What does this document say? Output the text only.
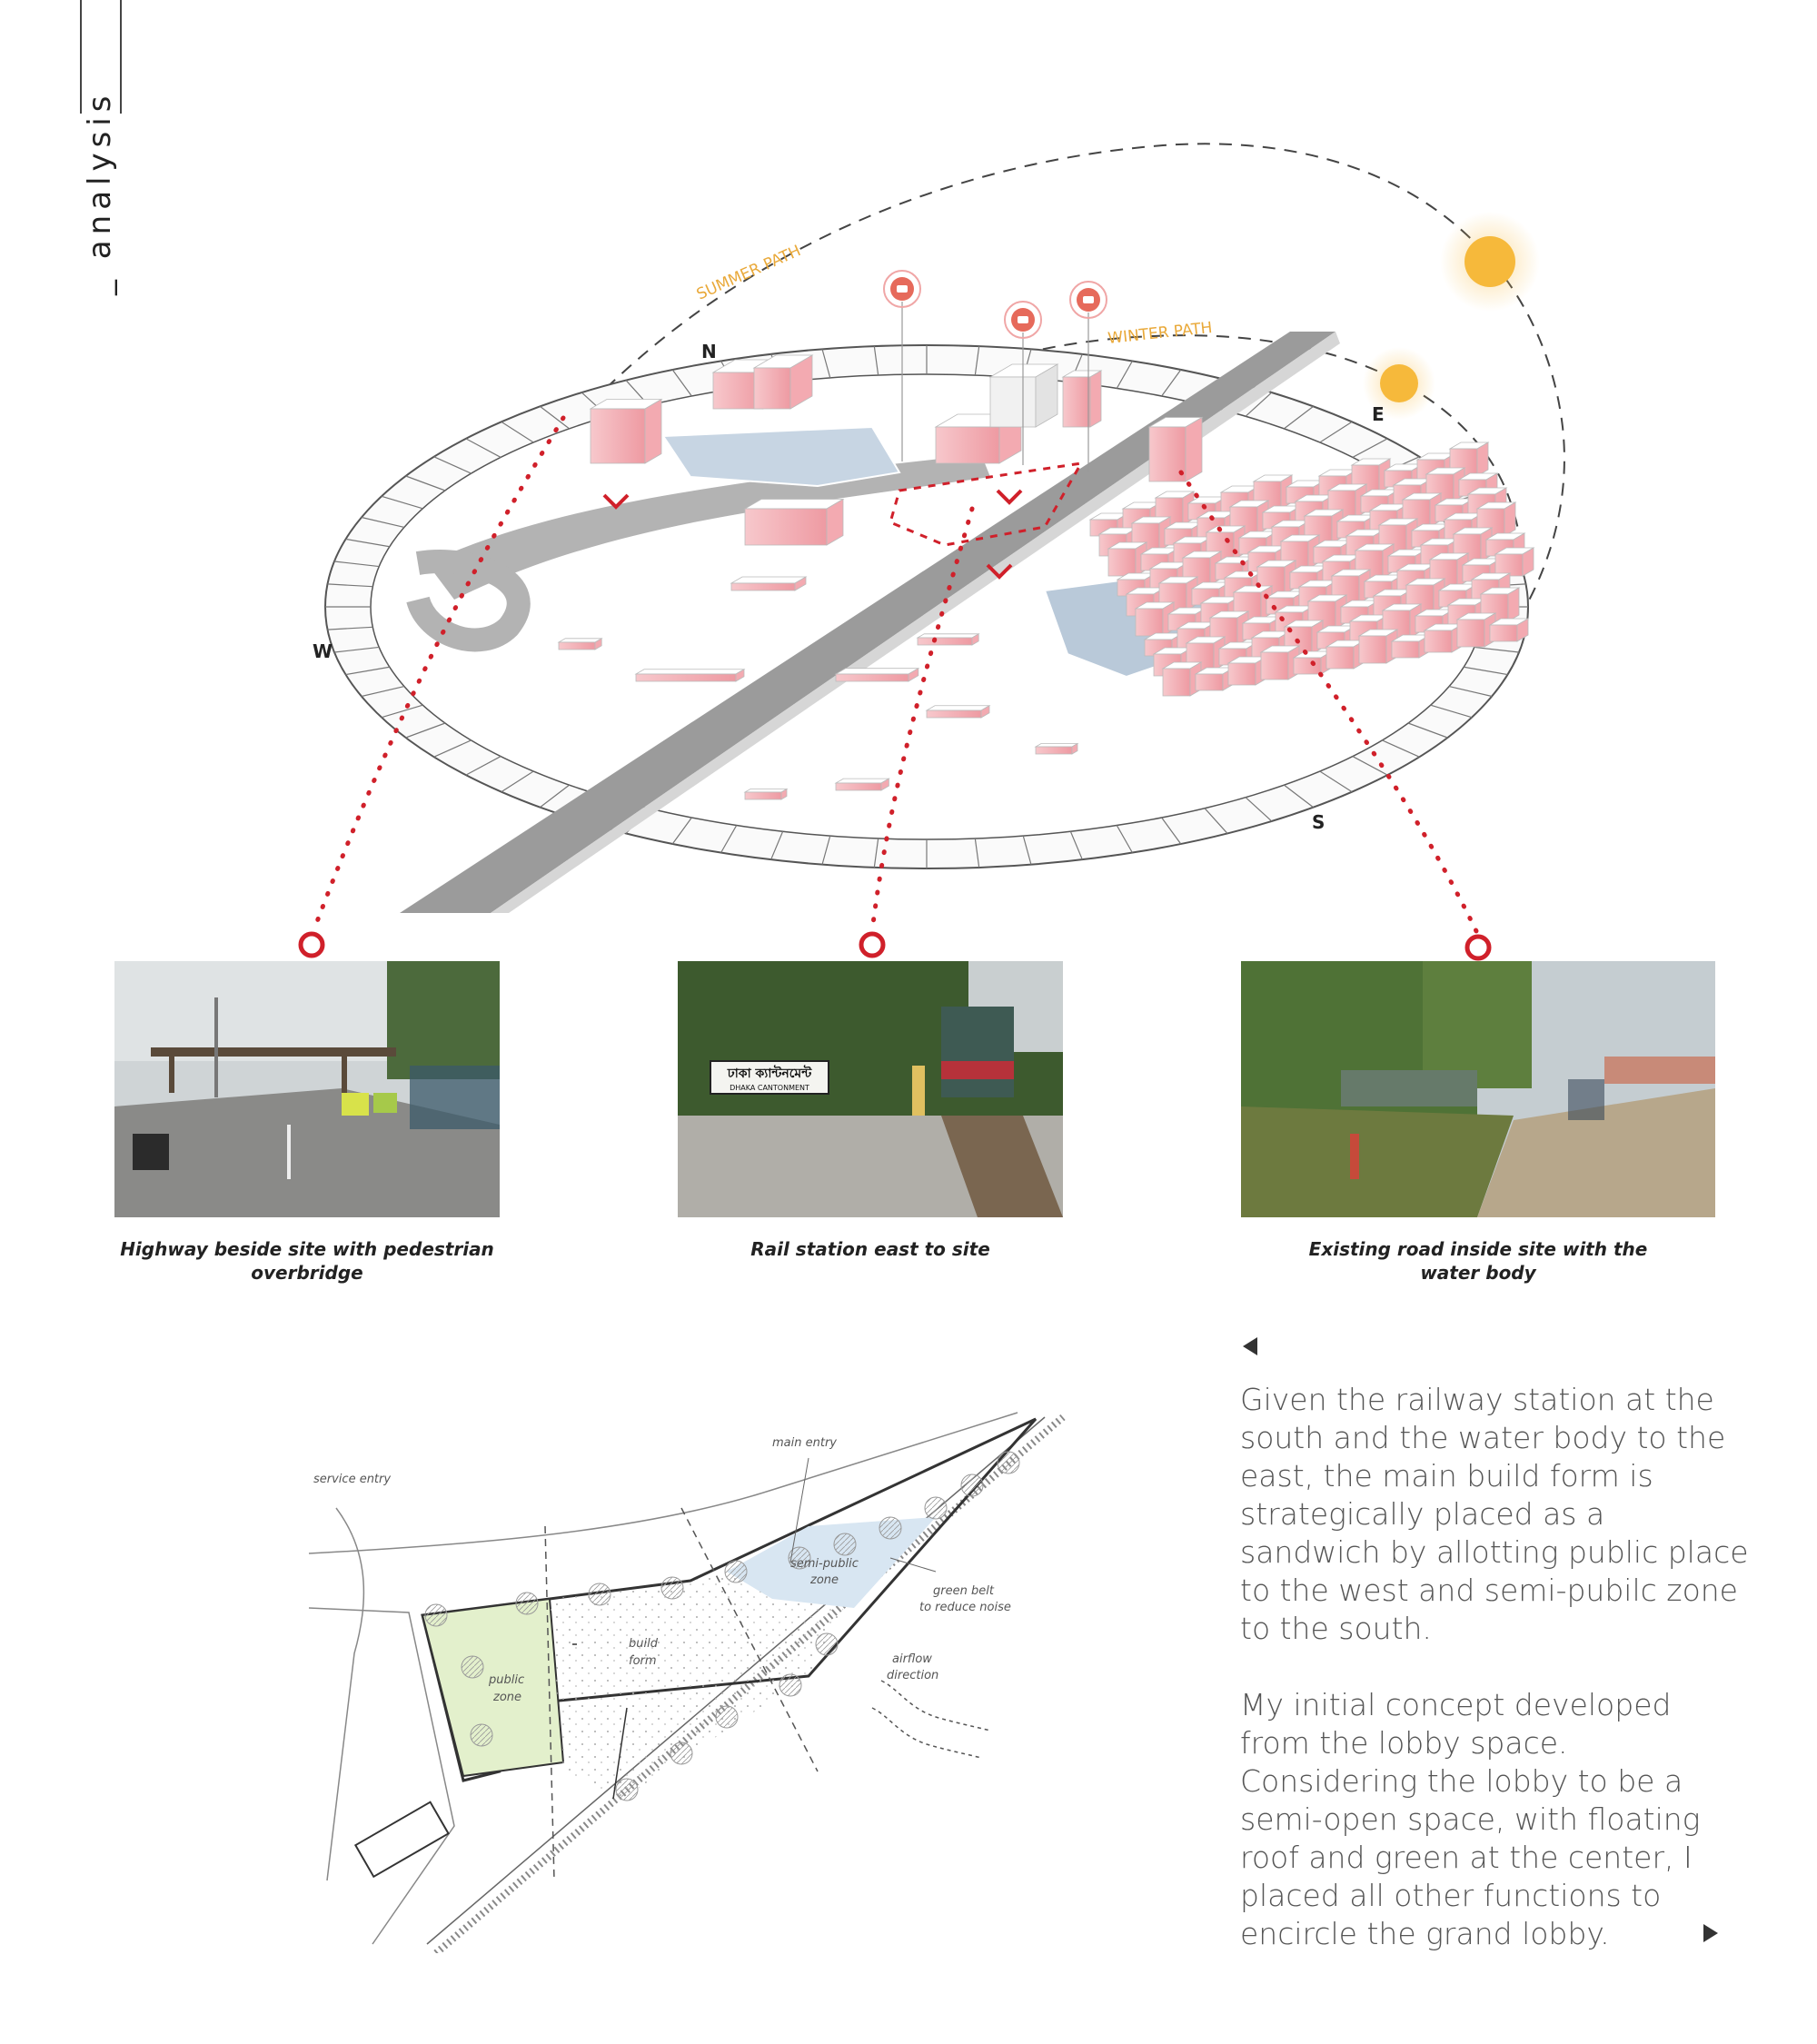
_ analysis	SUMMER PATH
WINTER PATH
N
E
S
W
ঢাকা ক্যান্টনমেন্ট
DHAKA CANTONMENT
Highway beside site with pedestrian overbridge
Rail station east to site	Existing road inside site with the water body
service entry
main entry
semi-public
zone
green belt
to reduce noise
airflow
direction
build
form
public
zone

Given the railway station at the south and the water body to the east, the main build form is strategically placed as a sandwich by allotting public place to the west and semi-pubilc zone to the south.

My initial concept developed from the lobby space. Considering the lobby to be a semi-open space, with floating roof and green at the center, I placed all other functions to encircle the grand lobby.
